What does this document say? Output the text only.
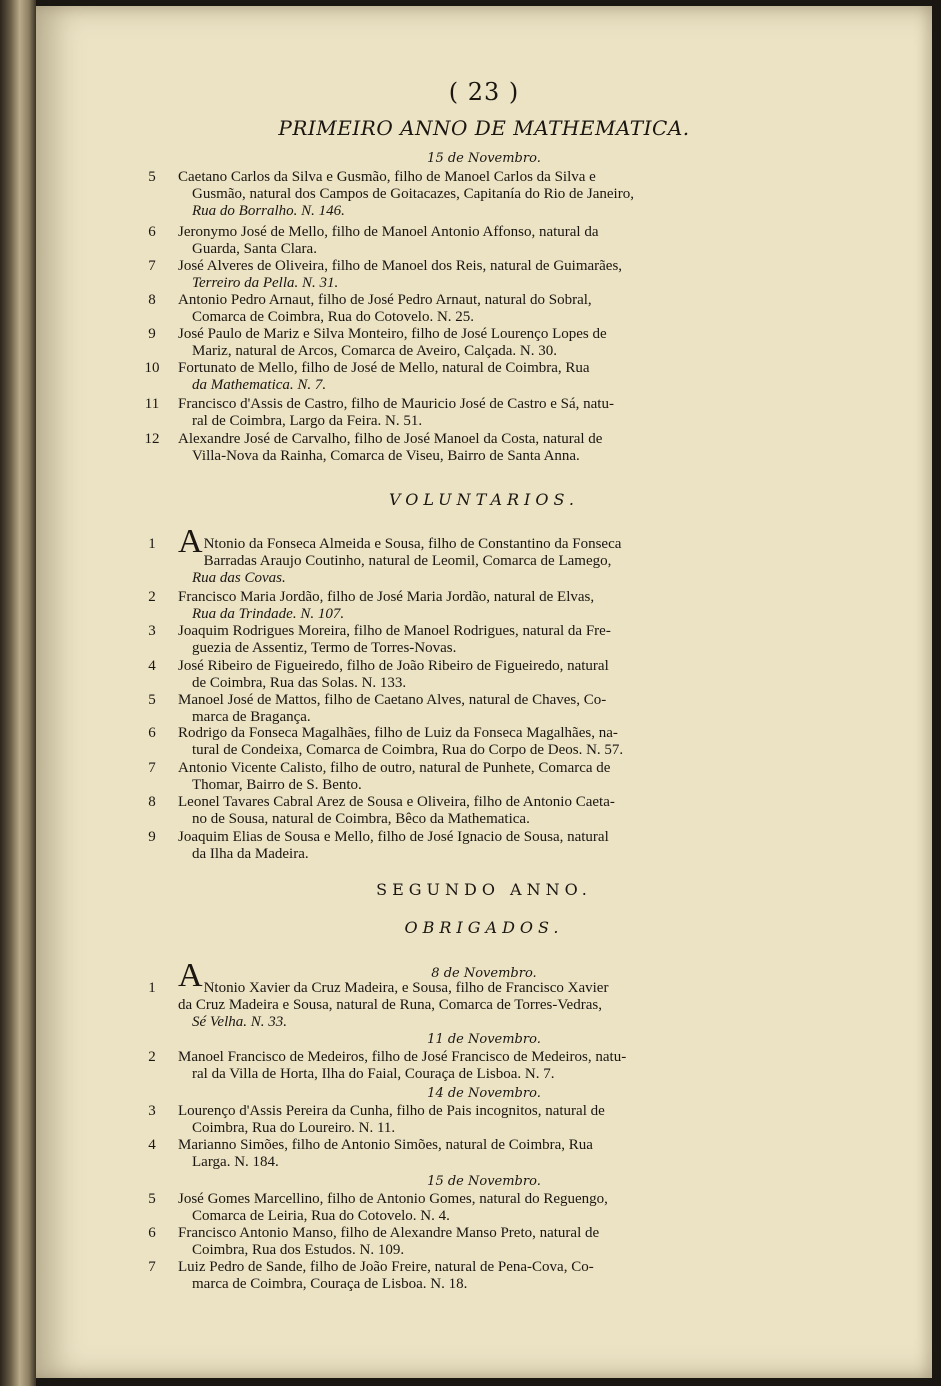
( 23 )
PRIMEIRO ANNO DE MATHEMATICA.
15 de Novembro.
5	Caetano Carlos da Silva e Gusmão, filho de Manoel Carlos da Silva e
Gusmão, natural dos Campos de Goitacazes, Capitanía do Rio de Janeiro,
Rua do Borralho. N. 146.
6	Jeronymo José de Mello, filho de Manoel Antonio Affonso, natural da
Guarda, Santa Clara.
7	José Alveres de Oliveira, filho de Manoel dos Reis, natural de Guimarães,
Terreiro da Pella. N. 31.
8	Antonio Pedro Arnaut, filho de José Pedro Arnaut, natural do Sobral,
Comarca de Coimbra, Rua do Cotovelo. N. 25.
9	José Paulo de Mariz e Silva Monteiro, filho de José Lourenço Lopes de
Mariz, natural de Arcos, Comarca de Aveiro, Calçada. N. 30.
10	Fortunato de Mello, filho de José de Mello, natural de Coimbra, Rua
da Mathematica. N. 7.
11	Francisco d'Assis de Castro, filho de Mauricio José de Castro e Sá, natu-
ral de Coimbra, Largo da Feira. N. 51.
12	Alexandre José de Carvalho, filho de José Manoel da Costa, natural de
Villa-Nova da Rainha, Comarca de Viseu, Bairro de Santa Anna.
VOLUNTARIOS.
1 A Ntonio da Fonseca Almeida e Sousa, filho de Constantino da Fonseca
Barradas Araujo Coutinho, natural de Leomil, Comarca de Lamego,
Rua das Covas.
2	Francisco Maria Jordão, filho de José Maria Jordão, natural de Elvas,
Rua da Trindade. N. 107.
3	Joaquim Rodrigues Moreira, filho de Manoel Rodrigues, natural da Fre-
guezia de Assentiz, Termo de Torres-Novas.
4	José Ribeiro de Figueiredo, filho de João Ribeiro de Figueiredo, natural
de Coimbra, Rua das Solas. N. 133.
5	Manoel José de Mattos, filho de Caetano Alves, natural de Chaves, Co-
marca de Bragança.
6	Rodrigo da Fonseca Magalhães, filho de Luiz da Fonseca Magalhães, na-
tural de Condeixa, Comarca de Coimbra, Rua do Corpo de Deos. N. 57.
7	Antonio Vicente Calisto, filho de outro, natural de Punhete, Comarca de
Thomar, Bairro de S. Bento.
8	Leonel Tavares Cabral Arez de Sousa e Oliveira, filho de Antonio Caeta-
no de Sousa, natural de Coimbra, Bêco da Mathematica.
9	Joaquim Elias de Sousa e Mello, filho de José Ignacio de Sousa, natural
da Ilha da Madeira.
SEGUNDO ANNO.
OBRIGADOS.
8 de Novembro.
1 A Ntonio Xavier da Cruz Madeira, e Sousa, filho de Francisco Xavier
da Cruz Madeira e Sousa, natural de Runa, Comarca de Torres-Vedras,
Sé Velha. N. 33.
11 de Novembro.
2	Manoel Francisco de Medeiros, filho de José Francisco de Medeiros, natu-
ral da Villa de Horta, Ilha do Faial, Couraça de Lisboa. N. 7.
14 de Novembro.
3	Lourenço d'Assis Pereira da Cunha, filho de Pais incognitos, natural de
Coimbra, Rua do Loureiro. N. 11.
4	Marianno Simões, filho de Antonio Simões, natural de Coimbra, Rua
Larga. N. 184.
15 de Novembro.
5	José Gomes Marcellino, filho de Antonio Gomes, natural do Reguengo,
Comarca de Leiria, Rua do Cotovelo. N. 4.
6	Francisco Antonio Manso, filho de Alexandre Manso Preto, natural de
Coimbra, Rua dos Estudos. N. 109.
7	Luiz Pedro de Sande, filho de João Freire, natural de Pena-Cova, Co-
marca de Coimbra, Couraça de Lisboa. N. 18.
